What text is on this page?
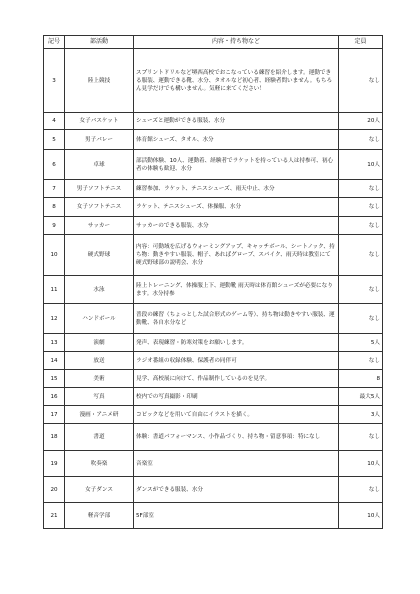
記号	部活動	内容・持ち物など	定員
3	陸上競技	スプリントドリルなど堺西高校でおこなっている練習を紹介します。運動できる服装、運動できる靴、水分、タオルなど初心者、経験者問いません。もちろん見学だけでも構いません。気軽に来てください！	なし
4	女子バスケット	シューズと運動ができる服装、水分	20人
5	男子バレー	体育館シューズ、タオル、水分	なし
6	卓球	部活動体験、10人、運動着、経験者でラケットを持っている人は持参可、初心者の体験も歓迎、水分	10人
7	男子ソフトテニス	練習参加、ラケット、テニスシューズ、雨天中止、水分	なし
8	女子ソフトテニス	ラケット、テニスシューズ、体操服、水分	なし
9	サッカー	サッカーのできる服装、水分	なし
10	硬式野球	内容：可動域を広げるウォーミングアップ、キャッチボール、シートノック、持ち物：動きやすい服装、帽子、あればグローブ、スパイク、雨天時は教室にて硬式野球部の説明会、水分	なし
11	水泳	陸上トレーニング、体操服上下、運動靴 雨天時は体育館シューズが必要になります。水分持参	なし
12	ハンドボール	普段の練習（ちょっとした試合形式のゲーム等）、持ち物は動きやすい服装、運動靴、各自水分など	なし
13	演劇	発声、表現練習・防寒対策をお願いします。	5人
14	放送	ラジオ番組の収録体験、保護者の同伴可	なし
15	美術	見学、高校展に向けて、作品制作しているのを見学。	8
16	写真	校内での写真撮影・印刷	最大5人
17	漫画・アニメ研	コピックなどを用いて自由にイラストを描く。	3人
18	書道	体験：書道パフォーマンス、小作品づくり、持ち物・留意事項：特になし	なし
19	吹奏楽	音楽室	10人
20	女子ダンス	ダンスができる服装、水分	なし
21	軽音学部	5F部室	10人
